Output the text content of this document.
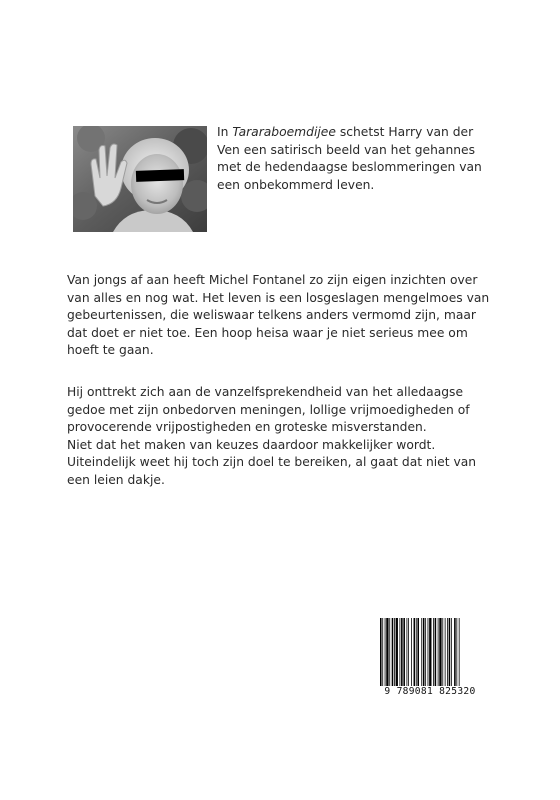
In Tararaboemdijee schetst Harry van der Ven een satirisch beeld van het gehannes met de hedendaagse beslommeringen van een onbekommerd leven.
Van jongs af aan heeft Michel Fontanel zo zijn eigen inzichten over
van alles en nog wat. Het leven is een losgeslagen mengelmoes van
gebeurtenissen, die weliswaar telkens anders vermomd zijn, maar
dat doet er niet toe. Een hoop heisa waar je niet serieus mee om
hoeft te gaan.
Hij onttrekt zich aan de vanzelfsprekendheid van het alledaagse
gedoe met zijn onbedorven meningen, lollige vrijmoedigheden of
provocerende vrijpostigheden en groteske misverstanden.
Niet dat het maken van keuzes daardoor makkelijker wordt.
Uiteindelijk weet hij toch zijn doel te bereiken, al gaat dat niet van
een leien dakje.
9 789081 825320
